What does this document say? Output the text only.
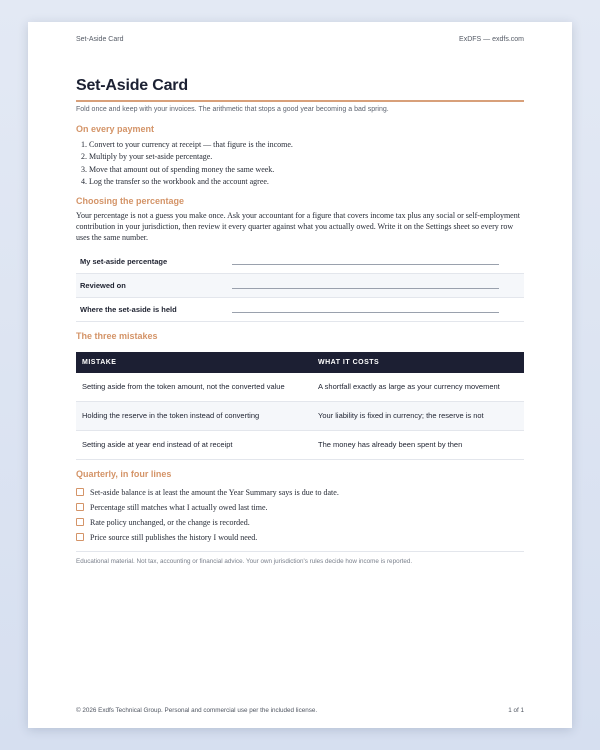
Set-Aside Card	ExDFS — exdfs.com
Set-Aside Card
Fold once and keep with your invoices. The arithmetic that stops a good year becoming a bad spring.
On every payment
1. Convert to your currency at receipt — that figure is the income.
2. Multiply by your set-aside percentage.
3. Move that amount out of spending money the same week.
4. Log the transfer so the workbook and the account agree.
Choosing the percentage

Your percentage is not a guess you make once. Ask your accountant for a figure that covers income tax plus any social or self-employment contribution in your jurisdiction, then review it every quarter against what you actually owed. Write it on the Settings sheet so every row uses the same number.

My set-aside percentage
Reviewed on
Where the set-aside is held
The three mistakes
MISTAKE	WHAT IT COSTS
Setting aside from the token amount, not the converted value	A shortfall exactly as large as your currency movement
Holding the reserve in the token instead of converting	Your liability is fixed in currency; the reserve is not
Setting aside at year end instead of at receipt	The money has already been spent by then
Quarterly, in four lines
Set-aside balance is at least the amount the Year Summary says is due to date.
Percentage still matches what I actually owed last time.
Rate policy unchanged, or the change is recorded.
Price source still publishes the history I would need.
Educational material. Not tax, accounting or financial advice. Your own jurisdiction's rules decide how income is reported.
© 2026 Exdfs Technical Group. Personal and commercial use per the included license.	1 of 1
